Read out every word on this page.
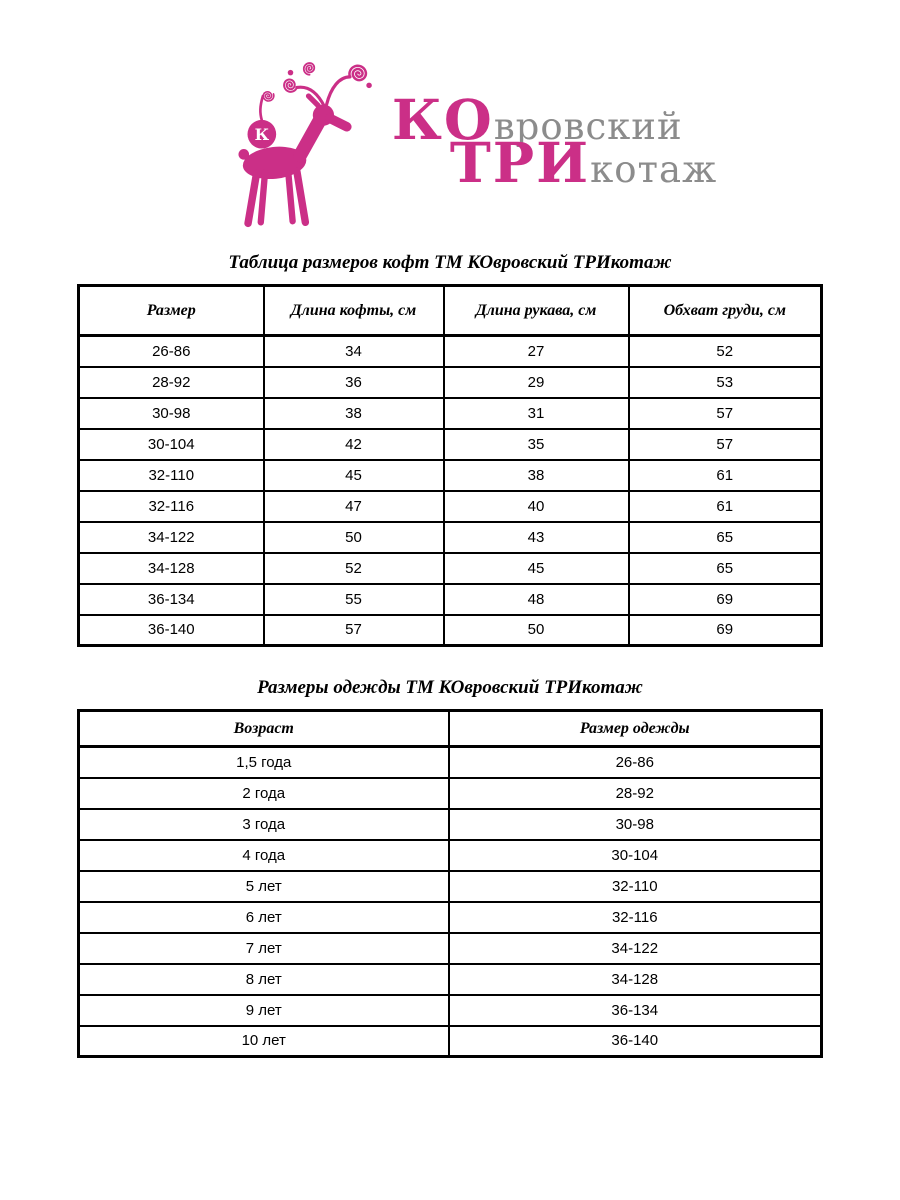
К КОвровский
ТРИкотаж
Таблица размеров кофт ТМ КОвровский ТРИкотаж
Размер	Длина кофты, см	Длина рукава, см	Обхват груди, см
26-86	34	27	52
28-92	36	29	53
30-98	38	31	57
30-104	42	35	57
32-110	45	38	61
32-116	47	40	61
34-122	50	43	65
34-128	52	45	65
36-134	55	48	69
36-140	57	50	69
Размеры одежды ТМ КОвровский ТРИкотаж
Возраст	Размер одежды
1,5 года	26-86
2 года	28-92
3 года	30-98
4 года	30-104
5 лет	32-110
6 лет	32-116
7 лет	34-122
8 лет	34-128
9 лет	36-134
10 лет	36-140
